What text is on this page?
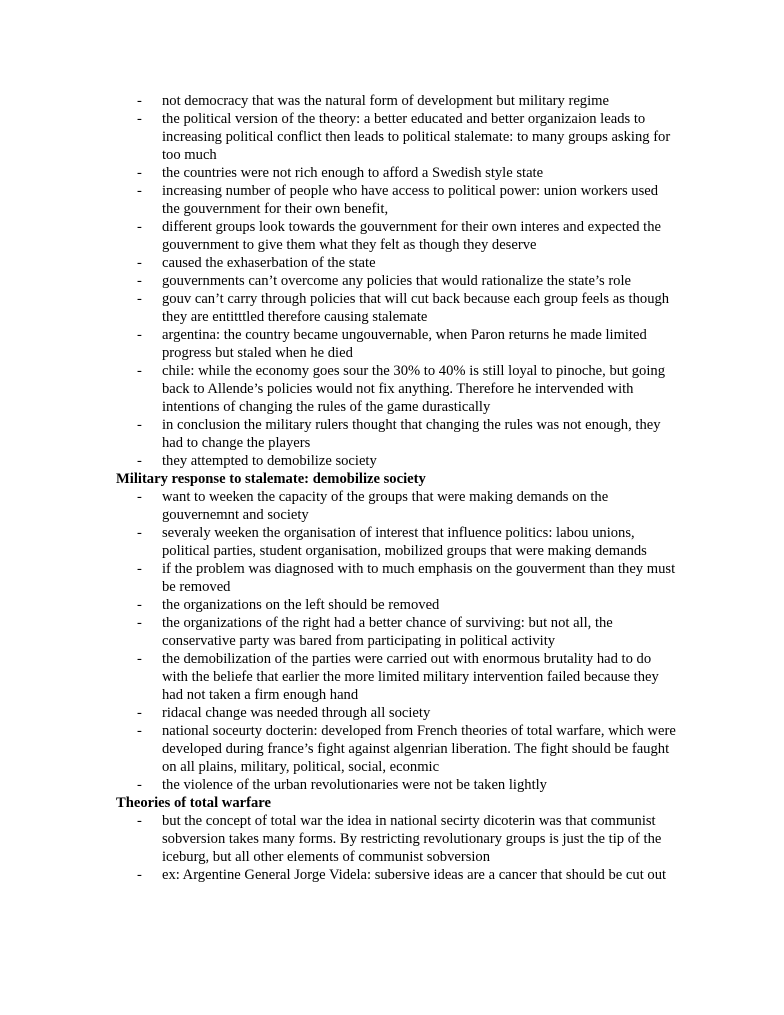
- not democracy that was the natural form of development but military regime
- the political version of the theory: a better educated and better organizaion leads to increasing political conflict then leads to political stalemate: to many groups asking for too much
- the countries were not rich enough to afford a Swedish style state
- increasing number of people who have access to political power: union workers used the gouvernment for their own benefit,
- different groups look towards the gouvernment for their own interes and expected the gouvernment to give them what they felt as though they deserve
- caused the exhaserbation of the state
- gouvernments can’t overcome any policies that would rationalize the state’s role
- gouv can’t carry through policies that will cut back because each group feels as though they are entitttled therefore causing stalemate
- argentina: the country became ungouvernable, when Paron returns he made limited progress but staled when he died
- chile: while the economy goes sour the 30% to 40% is still loyal to pinoche, but going back to Allende’s policies would not fix anything. Therefore he intervended with intentions of changing the rules of the game durastically
- in conclusion the military rulers thought that changing the rules was not enough, they had to change the players
- they attempted to demobilize society
Military response to stalemate: demobilize society
- want to weeken the capacity of the groups that were making demands on the gouvernemnt and society
- severaly weeken the organisation of interest that influence politics: labou unions, political parties, student organisation, mobilized groups that were making demands
- if the problem was diagnosed with to much emphasis on the gouverment than they must be removed
- the organizations on the left should be removed
- the organizations of the right had a better chance of surviving: but not all, the conservative party was bared from participating in political activity
- the demobilization of the parties were carried out with enormous brutality had to do with the beliefe that earlier the more limited military intervention failed because they had not taken a firm enough hand
- ridacal change was needed through all society
- national soceurty docterin: developed from French theories of total warfare, which were developed during france’s fight against algenrian liberation. The fight should be faught on all plains, military, political, social, econmic
- the violence of the urban revolutionaries were not be taken lightly
Theories of total warfare
- but the concept of total war the idea in national secirty dicoterin was that communist sobversion takes many forms. By restricting revolutionary groups is just the tip of the iceburg, but all other elements of communist sobversion
- ex: Argentine General Jorge Videla: subersive ideas are a cancer that should be cut out
